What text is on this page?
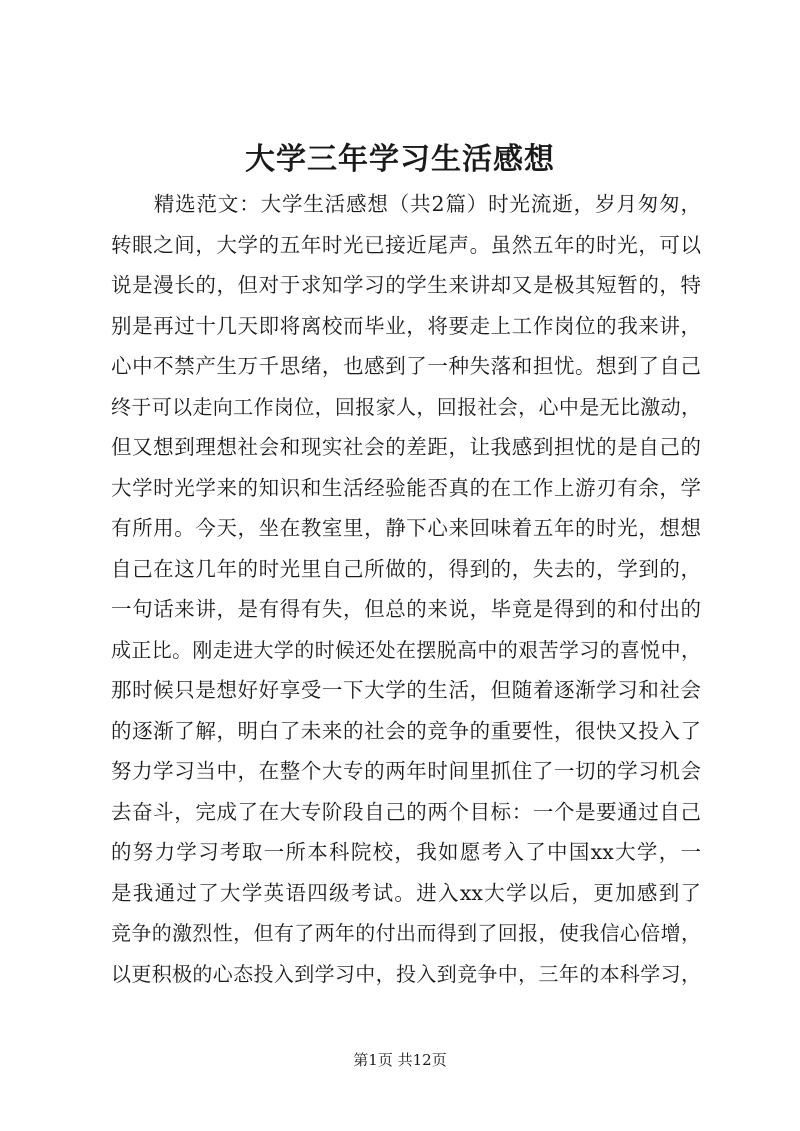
大学三年学习生活感想
　　精选范文：大学生活感想（共2篇）时光流逝，岁月匆匆，
转眼之间，大学的五年时光已接近尾声。虽然五年的时光，可以
说是漫长的，但对于求知学习的学生来讲却又是极其短暂的，特
别是再过十几天即将离校而毕业，将要走上工作岗位的我来讲，
心中不禁产生万千思绪，也感到了一种失落和担忧。想到了自己
终于可以走向工作岗位，回报家人，回报社会，心中是无比激动，
但又想到理想社会和现实社会的差距，让我感到担忧的是自己的
大学时光学来的知识和生活经验能否真的在工作上游刃有余，学
有所用。今天，坐在教室里，静下心来回味着五年的时光，想想
自己在这几年的时光里自己所做的，得到的，失去的，学到的，
一句话来讲，是有得有失，但总的来说，毕竟是得到的和付出的
成正比。刚走进大学的时候还处在摆脱高中的艰苦学习的喜悦中，
那时候只是想好好享受一下大学的生活，但随着逐渐学习和社会
的逐渐了解，明白了未来的社会的竞争的重要性，很快又投入了
努力学习当中，在整个大专的两年时间里抓住了一切的学习机会
去奋斗，完成了在大专阶段自己的两个目标：一个是要通过自己
的努力学习考取一所本科院校，我如愿考入了中国xx大学，一
是我通过了大学英语四级考试。进入xx大学以后，更加感到了
竞争的激烈性，但有了两年的付出而得到了回报，使我信心倍增，
以更积极的心态投入到学习中，投入到竞争中，三年的本科学习，
第1页 共12页
